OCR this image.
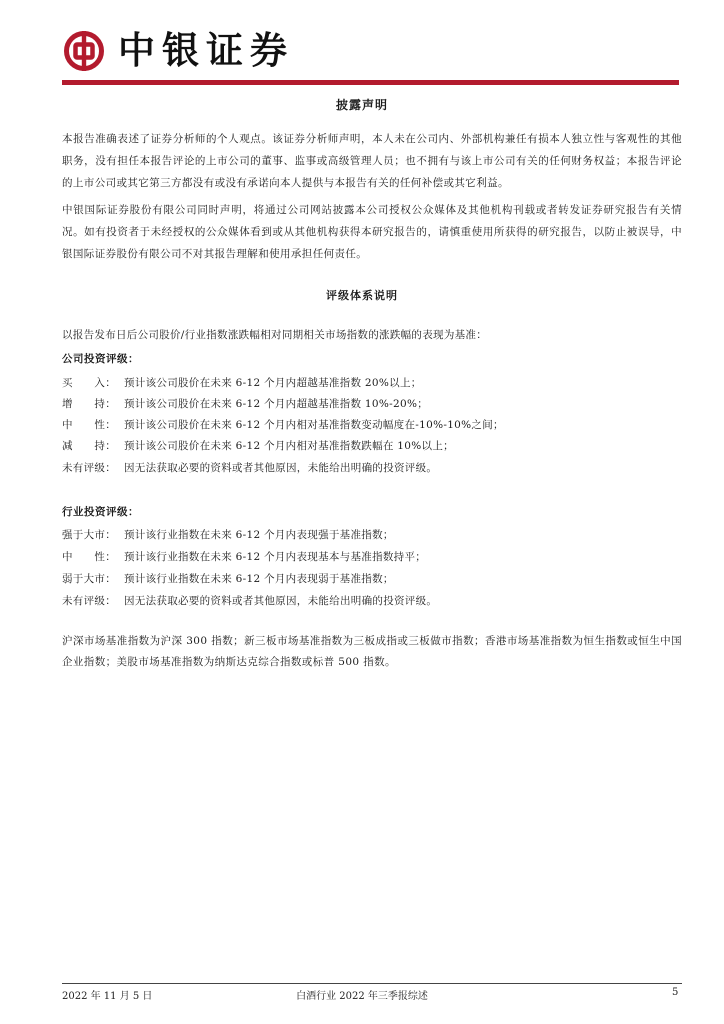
中银证券
披露声明

本报告准确表述了证券分析师的个人观点。该证券分析师声明，本人未在公司内、外部机构兼任有损本人独立性与客观性的其他职务，没有担任本报告评论的上市公司的董事、监事或高级管理人员；也不拥有与该上市公司有关的任何财务权益；本报告评论的上市公司或其它第三方都没有或没有承诺向本人提供与本报告有关的任何补偿或其它利益。

中银国际证券股份有限公司同时声明，将通过公司网站披露本公司授权公众媒体及其他机构刊载或者转发证券研究报告有关情况。如有投资者于未经授权的公众媒体看到或从其他机构获得本研究报告的，请慎重使用所获得的研究报告，以防止被误导，中银国际证券股份有限公司不对其报告理解和使用承担任何责任。

评级体系说明
以报告发布日后公司股价/行业指数涨跌幅相对同期相关市场指数的涨跌幅的表现为基准：
公司投资评级：
买　　入： 预计该公司股价在未来 6-12 个月内超越基准指数 20%以上；
增　　持： 预计该公司股价在未来 6-12 个月内超越基准指数 10%-20%；
中　　性： 预计该公司股价在未来 6-12 个月内相对基准指数变动幅度在-10%-10%之间；
减　　持： 预计该公司股价在未来 6-12 个月内相对基准指数跌幅在 10%以上；
未有评级： 因无法获取必要的资料或者其他原因，未能给出明确的投资评级。
行业投资评级：
强于大市： 预计该行业指数在未来 6-12 个月内表现强于基准指数；
中　　性： 预计该行业指数在未来 6-12 个月内表现基本与基准指数持平；
弱于大市： 预计该行业指数在未来 6-12 个月内表现弱于基准指数；
未有评级： 因无法获取必要的资料或者其他原因，未能给出明确的投资评级。

沪深市场基准指数为沪深 300 指数；新三板市场基准指数为三板成指或三板做市指数；香港市场基准指数为恒生指数或恒生中国企业指数；美股市场基准指数为纳斯达克综合指数或标普 500 指数。

2022 年 11 月 5 日	白酒行业 2022 年三季报综述	5
